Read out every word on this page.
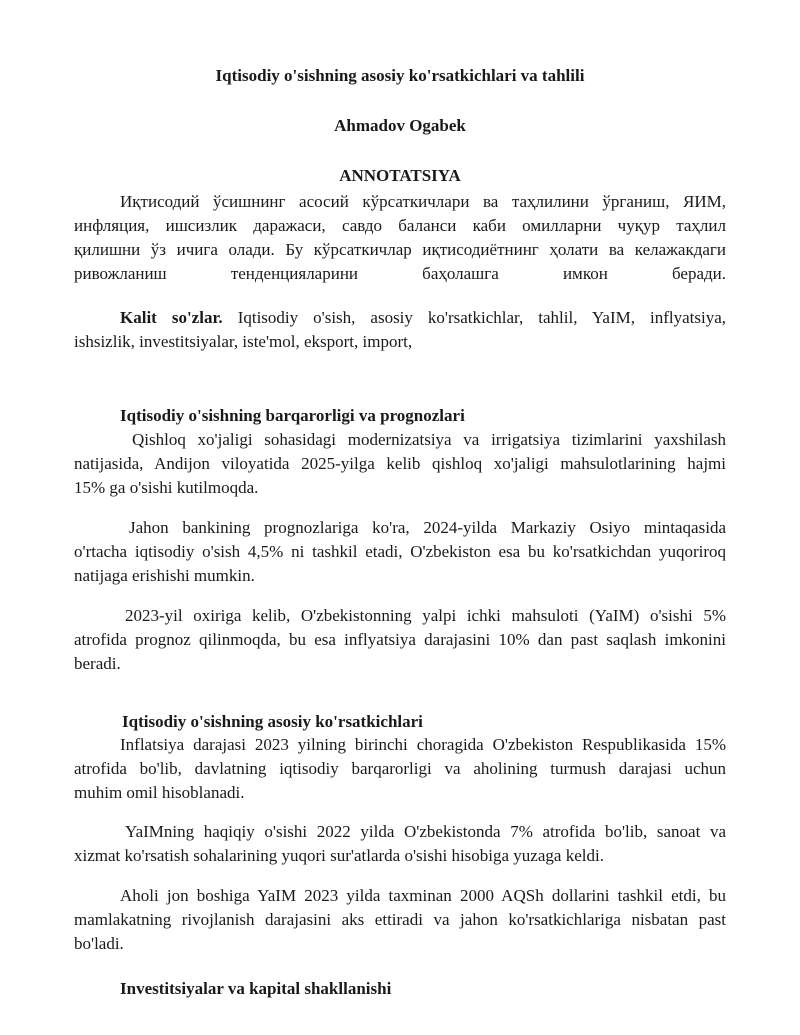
Iqtisodiy o'sishning asosiy ko'rsatkichlari va tahlili
Ahmadov Ogabek
ANNOTATSIYA
Иқтисодий ўсишнинг асосий кўрсаткичлари ва таҳлилини ўрганиш, ЯИМ,
инфляция, ишсизлик даражаси, савдо баланси каби омилларни чуқур таҳлил
қилишни ўз ичига олади. Бу кўрсаткичлар иқтисодиётнинг ҳолати ва келажакдаги
ривожланиш тенденцияларини баҳолашга имкон беради.
Kalit so'zlar. Iqtisodiy o'sish, asosiy ko'rsatkichlar, tahlil, YaIM, inflyatsiya,
ishsizlik, investitsiyalar, iste'mol, eksport, import,
Iqtisodiy o'sishning barqarorligi va prognozlari
Qishloq xo'jaligi sohasidagi modernizatsiya va irrigatsiya tizimlarini yaxshilash
natijasida, Andijon viloyatida 2025-yilga kelib qishloq xo'jaligi mahsulotlarining hajmi
15% ga o'sishi kutilmoqda.
Jahon bankining prognozlariga ko'ra, 2024-yilda Markaziy Osiyo mintaqasida
o'rtacha iqtisodiy o'sish 4,5% ni tashkil etadi, O'zbekiston esa bu ko'rsatkichdan yuqoriroq
natijaga erishishi mumkin.
2023-yil oxiriga kelib, O'zbekistonning yalpi ichki mahsuloti (YaIM) o'sishi 5%
atrofida prognoz qilinmoqda, bu esa inflyatsiya darajasini 10% dan past saqlash imkonini
beradi.
Iqtisodiy o'sishning asosiy ko'rsatkichlari
Inflatsiya darajasi 2023 yilning birinchi choragida O'zbekiston Respublikasida 15%
atrofida bo'lib, davlatning iqtisodiy barqarorligi va aholining turmush darajasi uchun
muhim omil hisoblanadi.
YaIMning haqiqiy o'sishi 2022 yilda O'zbekistonda 7% atrofida bo'lib, sanoat va
xizmat ko'rsatish sohalarining yuqori sur'atlarda o'sishi hisobiga yuzaga keldi.
Aholi jon boshiga YaIM 2023 yilda taxminan 2000 AQSh dollarini tashkil etdi, bu
mamlakatning rivojlanish darajasini aks ettiradi va jahon ko'rsatkichlariga nisbatan past
bo'ladi.
Investitsiyalar va kapital shakllanishi
